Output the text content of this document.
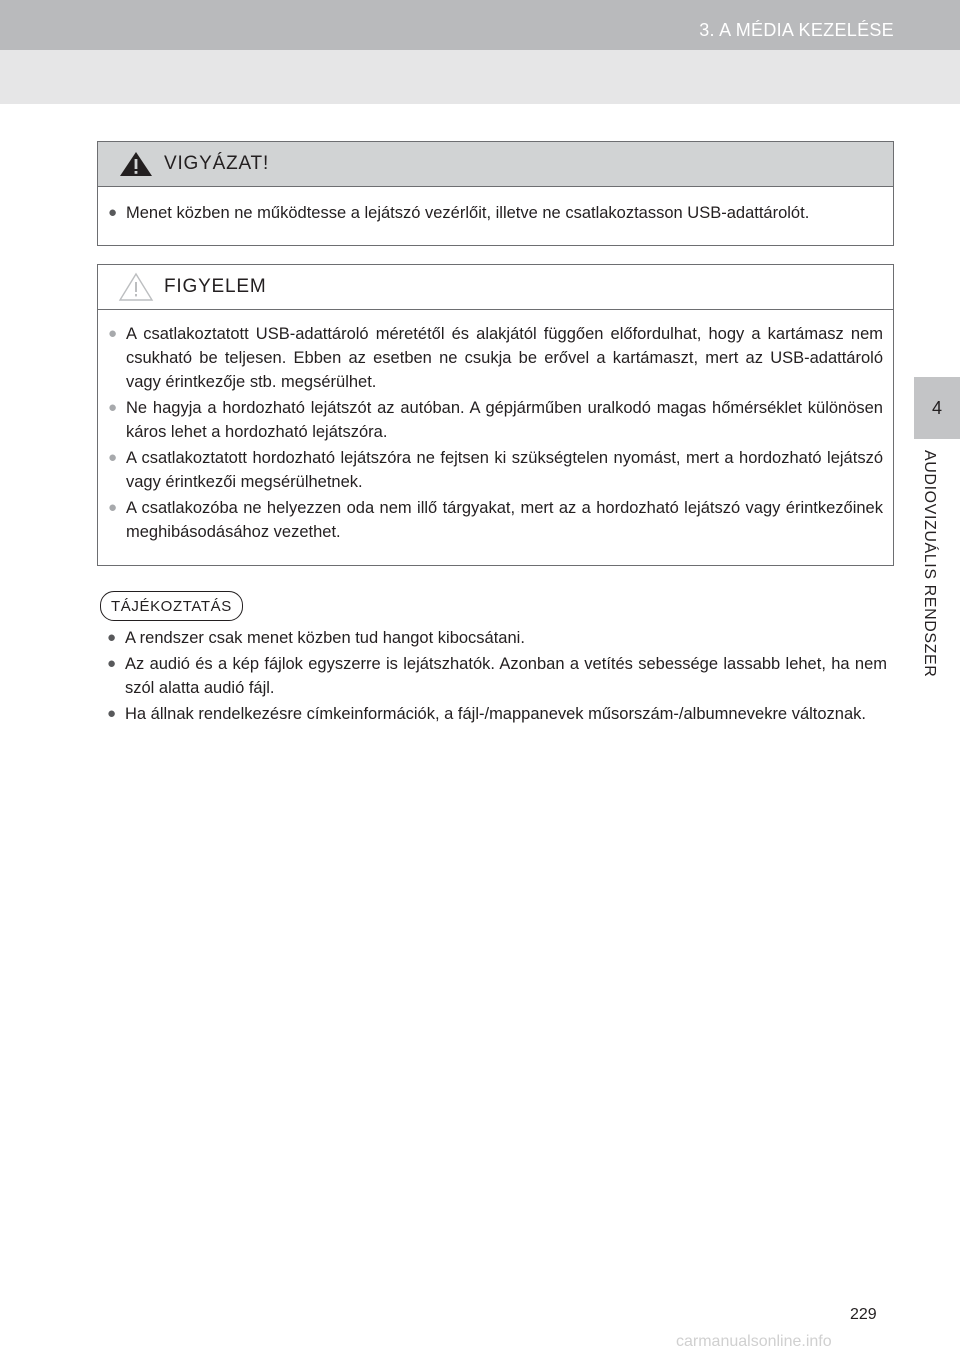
3. A MÉDIA KEZELÉSE
4
AUDIOVIZUÁLIS RENDSZER
VIGYÁZAT!
● Menet közben ne működtesse a lejátszó vezérlőit, illetve ne csatlakoztasson USB-adattárolót.
FIGYELEM
● A csatlakoztatott USB-adattároló méretétől és alakjától függően előfordulhat, hogy a kartámasz nem csukható be teljesen. Ebben az esetben ne csukja be erővel a kartámaszt, mert az USB-adattároló vagy érintkezője stb. megsérülhet.
● Ne hagyja a hordozható lejátszót az autóban. A gépjárműben uralkodó magas hőmérséklet különösen káros lehet a hordozható lejátszóra.
● A csatlakoztatott hordozható lejátszóra ne fejtsen ki szükségtelen nyomást, mert a hordozható lejátszó vagy érintkezői megsérülhetnek.
● A csatlakozóba ne helyezzen oda nem illő tárgyakat, mert az a hordozható lejátszó vagy érintkezőinek meghibásodásához vezethet.
TÁJÉKOZTATÁS
● A rendszer csak menet közben tud hangot kibocsátani.
● Az audió és a kép fájlok egyszerre is lejátszhatók. Azonban a vetítés sebessége lassabb lehet, ha nem szól alatta audió fájl.
● Ha állnak rendelkezésre címkeinformációk, a fájl-/mappanevek műsorszám-/albumnevekre változnak.
229
carmanualsonline.info
